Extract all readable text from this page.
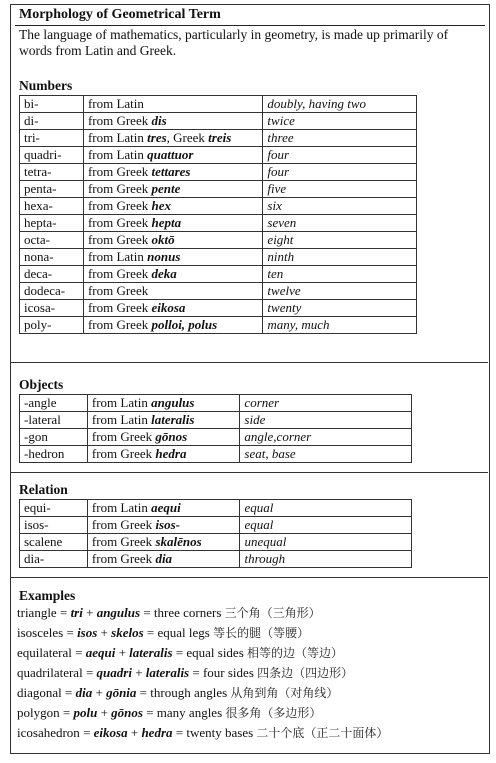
Morphology of Geometrical Term
The language of mathematics, particularly in geometry, is made up primarily of words from Latin and Greek.
Numbers
bi-	from Latin	doubly, having two
di-	from Greek dis	twice
tri-	from Latin tres, Greek treis	three
quadri-	from Latin quattuor	four
tetra-	from Greek tettares	four
penta-	from Greek pente	five
hexa-	from Greek hex	six
hepta-	from Greek hepta	seven
octa-	from Greek oktō	eight
nona-	from Latin nonus	ninth
deca-	from Greek deka	ten
dodeca-	from Greek	twelve
icosa-	from Greek eikosa	twenty
poly-	from Greek polloi, polus	many, much
Objects
-angle	from Latin angulus	corner
-lateral	from Latin lateralis	side
-gon	from Greek gōnos	angle,corner
-hedron	from Greek hedra	seat, base
Relation
equi-	from Latin aequi	equal
isos-	from Greek isos-	equal
scalene	from Greek skalēnos	unequal
dia-	from Greek dia	through
Examples
triangle = tri + angulus = three corners 三个角（三角形）
isosceles = isos + skelos = equal legs 等长的腿（等腰）
equilateral = aequi + lateralis = equal sides 相等的边（等边）
quadrilateral = quadri + lateralis = four sides 四条边（四边形）
diagonal = dia + gōnia = through angles 从角到角（对角线）
polygon = polu + gōnos = many angles 很多角（多边形）
icosahedron = eikosa + hedra = twenty bases 二十个底（正二十面体）
